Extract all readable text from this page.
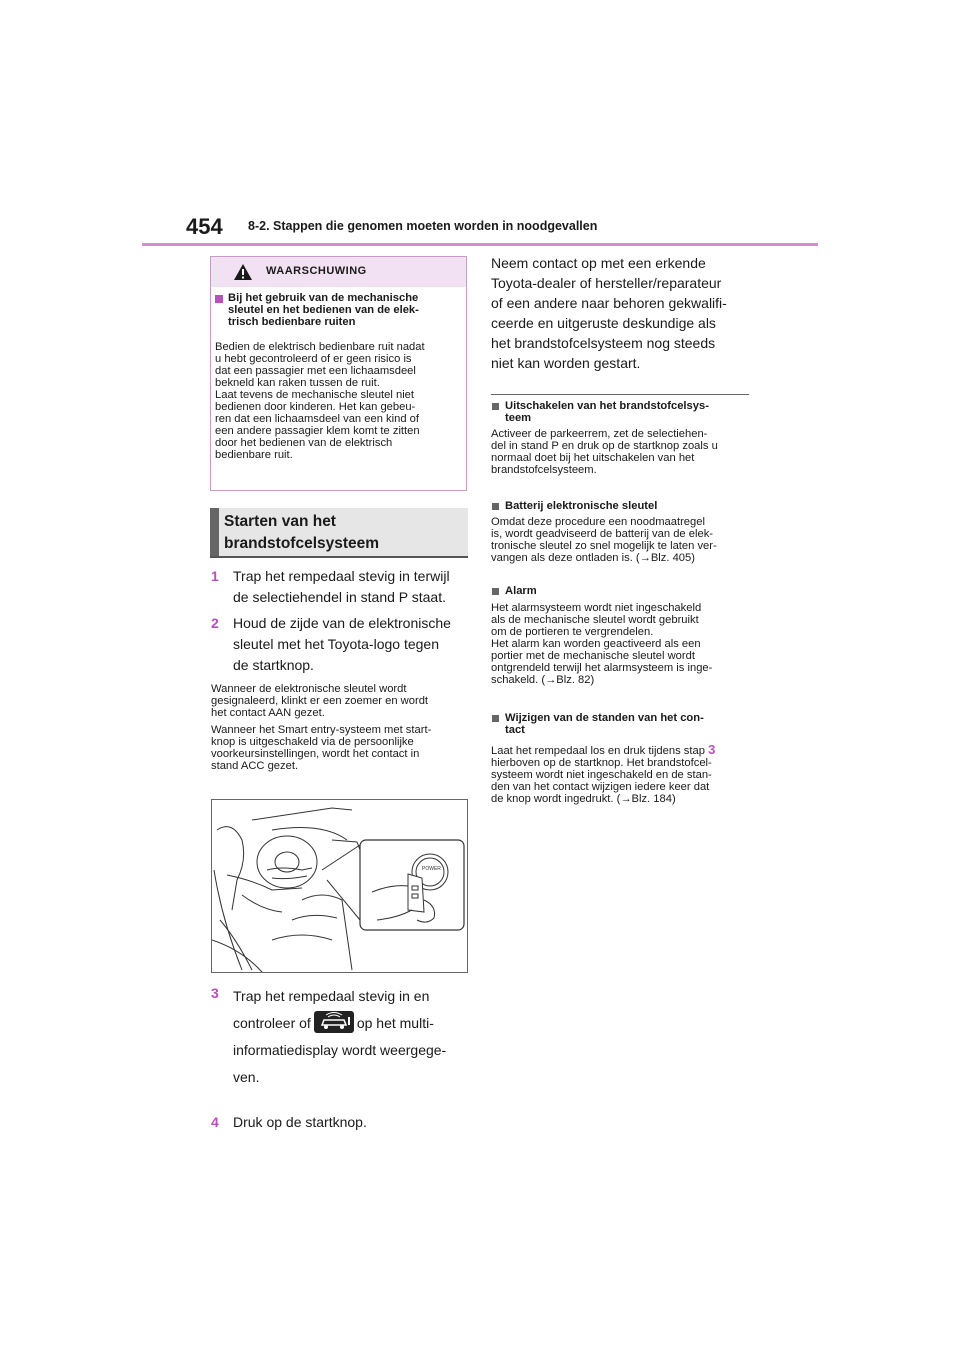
454 8-2. Stappen die genomen moeten worden in noodgevallen
WAARSCHUWING
Bij het gebruik van de mechanische
sleutel en het bedienen van de elek-
trisch bedienbare ruiten
Bedien de elektrisch bedienbare ruit nadat
u hebt gecontroleerd of er geen risico is
dat een passagier met een lichaamsdeel
bekneld kan raken tussen de ruit.
Laat tevens de mechanische sleutel niet
bedienen door kinderen. Het kan gebeu-
ren dat een lichaamsdeel van een kind of
een andere passagier klem komt te zitten
door het bedienen van de elektrisch
bedienbare ruit.
Starten van het
brandstofcelsysteem
1 Trap het rempedaal stevig in terwijl
de selectiehendel in stand P staat.
2 Houd de zijde van de elektronische
sleutel met het Toyota-logo tegen
de startknop.
Wanneer de elektronische sleutel wordt
gesignaleerd, klinkt er een zoemer en wordt
het contact AAN gezet.
Wanneer het Smart entry-systeem met start-
knop is uitgeschakeld via de persoonlijke
voorkeursinstellingen, wordt het contact in
stand ACC gezet.
POWER
3 Trap het rempedaal stevig in en
controleer of	op het multi-
informatiedisplay wordt weergege-
ven.
4 Druk op de startknop.
Neem contact op met een erkende
Toyota-dealer of hersteller/reparateur
of een andere naar behoren gekwalifi-
ceerde en uitgeruste deskundige als
het brandstofcelsysteem nog steeds
niet kan worden gestart.
Uitschakelen van het brandstofcelsys-
teem
Activeer de parkeerrem, zet de selectiehen-
del in stand P en druk op de startknop zoals u
normaal doet bij het uitschakelen van het
brandstofcelsysteem.
Batterij elektronische sleutel
Omdat deze procedure een noodmaatregel
is, wordt geadviseerd de batterij van de elek-
tronische sleutel zo snel mogelijk te laten ver-
vangen als deze ontladen is. (→Blz. 405)
Alarm
Het alarmsysteem wordt niet ingeschakeld
als de mechanische sleutel wordt gebruikt
om de portieren te vergrendelen.
Het alarm kan worden geactiveerd als een
portier met de mechanische sleutel wordt
ontgrendeld terwijl het alarmsysteem is inge-
schakeld. (→Blz. 82)
Wijzigen van de standen van het con-
tact
Laat het rempedaal los en druk tijdens stap 3
hierboven op de startknop. Het brandstofcel-
systeem wordt niet ingeschakeld en de stan-
den van het contact wijzigen iedere keer dat
de knop wordt ingedrukt. (→Blz. 184)
